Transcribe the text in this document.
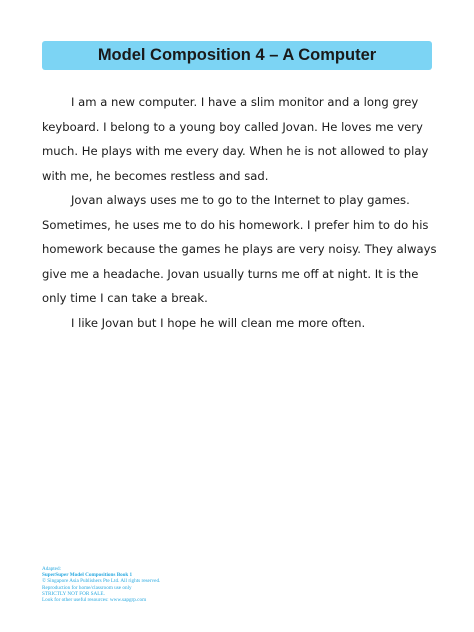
Model Composition 4 – A Computer

I am a new computer. I have a slim monitor and a long grey keyboard. I belong to a young boy called Jovan. He loves me very much. He plays with me every day. When he is not allowed to play with me, he becomes restless and sad.

Jovan always uses me to go to the Internet to play games. Sometimes, he uses me to do his homework. I prefer him to do his homework because the games he plays are very noisy. They always give me a headache. Jovan usually turns me off at night. It is the only time I can take a break.

I like Jovan but I hope he will clean me more often.

Adapted:
SuperSuper Model Compositions Book 1
© Singapore Asia Publishers Pte Ltd. All rights reserved.
Reproduction for home/classroom use only
STRICTLY NOT FOR SALE.
Look for other useful resources: www.sapgrp.com
